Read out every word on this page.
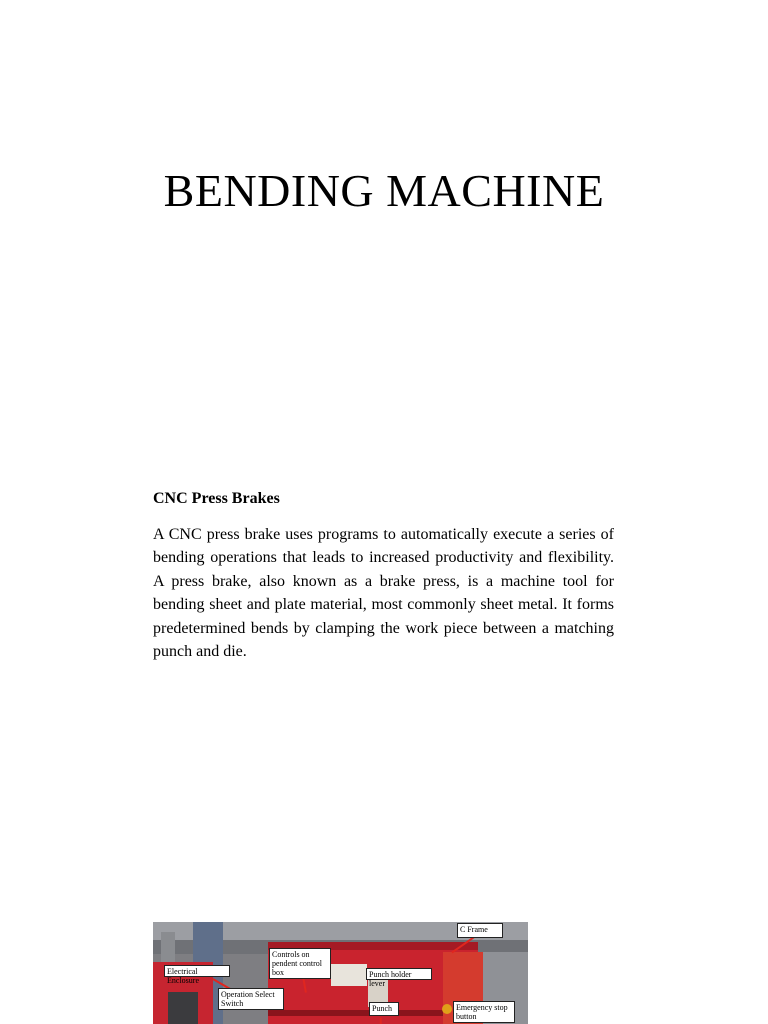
BENDING MACHINE
CNC Press Brakes

A CNC press brake uses programs to automatically execute a series of bending operations that leads to increased productivity and flexibility. A press brake, also known as a brake press, is a machine tool for bending sheet and plate material, most commonly sheet metal. It forms predetermined bends by clamping the work piece between a matching punch and die.

C Frame
Electrical Enclosure
Controls on pendent control box	Punch holder lever
Operation Select Switch
Punch	Emergency stop button
